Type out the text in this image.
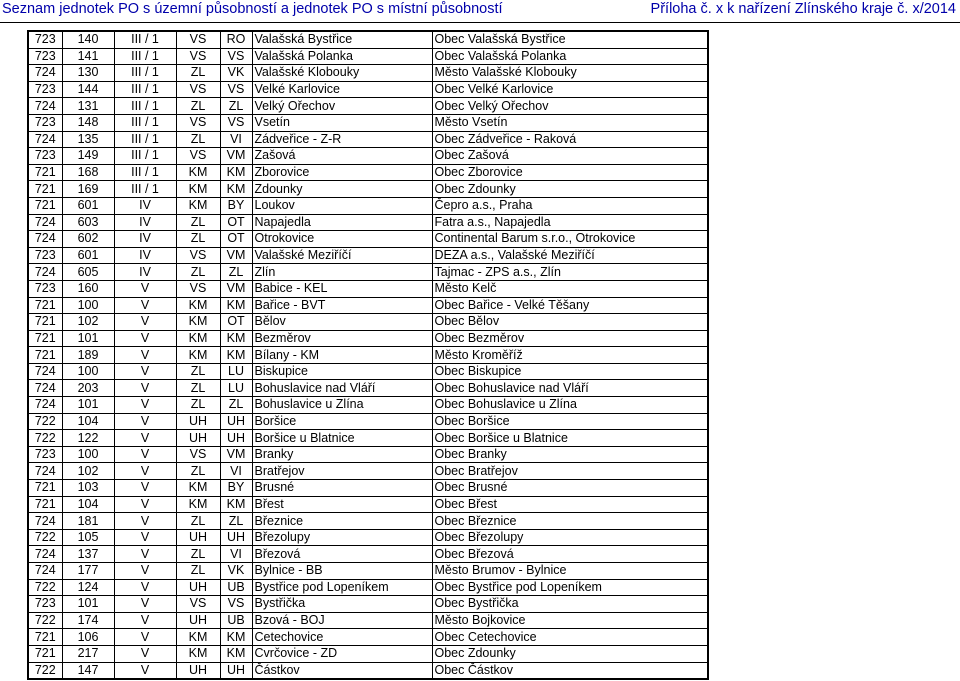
Seznam jednotek PO s územní působností a jednotek PO s místní působností	Příloha č. x k nařízení Zlínského kraje č. x/2014
723	140	III / 1	VS	RO	Valašská Bystřice	Obec Valašská Bystřice
723	141	III / 1	VS	VS	Valašská Polanka	Obec Valašská Polanka
724	130	III / 1	ZL	VK	Valašské Klobouky	Město Valašské Klobouky
723	144	III / 1	VS	VS	Velké Karlovice	Obec Velké Karlovice
724	131	III / 1	ZL	ZL	Velký Ořechov	Obec Velký Ořechov
723	148	III / 1	VS	VS	Vsetín	Město Vsetín
724	135	III / 1	ZL	VI	Zádveřice - Z-R	Obec Zádveřice - Raková
723	149	III / 1	VS	VM	Zašová	Obec Zašová
721	168	III / 1	KM	KM	Zborovice	Obec Zborovice
721	169	III / 1	KM	KM	Zdounky	Obec Zdounky
721	601	IV	KM	BY	Loukov	Čepro a.s., Praha
724	603	IV	ZL	OT	Napajedla	Fatra a.s., Napajedla
724	602	IV	ZL	OT	Otrokovice	Continental Barum s.r.o., Otrokovice
723	601	IV	VS	VM	Valašské Meziříčí	DEZA a.s., Valašské Meziříčí
724	605	IV	ZL	ZL	Zlín	Tajmac - ZPS a.s., Zlín
723	160	V	VS	VM	Babice - KEL	Město Kelč
721	100	V	KM	KM	Bařice - BVT	Obec Bařice - Velké Těšany
721	102	V	KM	OT	Bělov	Obec Bělov
721	101	V	KM	KM	Bezměrov	Obec Bezměrov
721	189	V	KM	KM	Bílany - KM	Město Kroměříž
724	100	V	ZL	LU	Biskupice	Obec Biskupice
724	203	V	ZL	LU	Bohuslavice nad Vláří	Obec Bohuslavice nad Vláří
724	101	V	ZL	ZL	Bohuslavice u Zlína	Obec Bohuslavice u Zlína
722	104	V	UH	UH	Boršice	Obec Boršice
722	122	V	UH	UH	Boršice u Blatnice	Obec Boršice u Blatnice
723	100	V	VS	VM	Branky	Obec Branky
724	102	V	ZL	VI	Bratřejov	Obec Bratřejov
721	103	V	KM	BY	Brusné	Obec Brusné
721	104	V	KM	KM	Břest	Obec Břest
724	181	V	ZL	ZL	Březnice	Obec Březnice
722	105	V	UH	UH	Březolupy	Obec Březolupy
724	137	V	ZL	VI	Březová	Obec Březová
724	177	V	ZL	VK	Bylnice - BB	Město Brumov - Bylnice
722	124	V	UH	UB	Bystřice pod Lopeníkem	Obec Bystřice pod Lopeníkem
723	101	V	VS	VS	Bystřička	Obec Bystřička
722	174	V	UH	UB	Bzová - BOJ	Město Bojkovice
721	106	V	KM	KM	Cetechovice	Obec Cetechovice
721	217	V	KM	KM	Cvrčovice - ZD	Obec Zdounky
722	147	V	UH	UH	Částkov	Obec Částkov
